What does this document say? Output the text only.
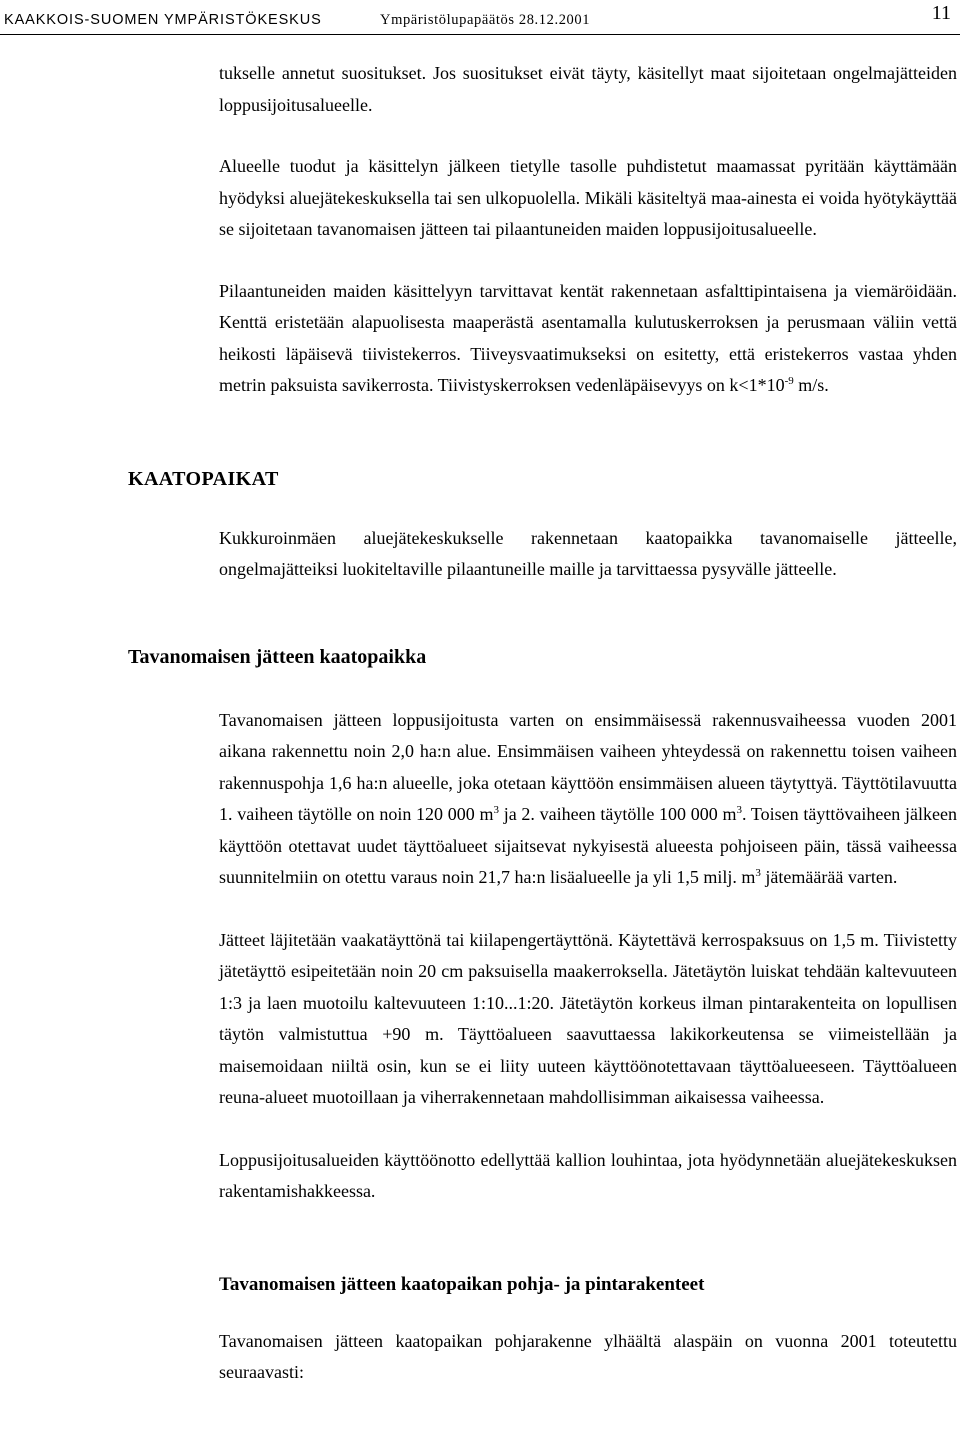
KAAKKOIS-SUOMEN YMPÄRISTÖKESKUS	Ympäristölupapäätös 28.12.2001	11

tukselle annetut suositukset. Jos suositukset eivät täyty, käsitellyt maat sijoitetaan ongelmajätteiden loppusijoitusalueelle.

Alueelle tuodut ja käsittelyn jälkeen tietylle tasolle puhdistetut maamassat pyritään käyttämään hyödyksi aluejätekeskuksella tai sen ulkopuolella. Mikäli käsiteltyä maa-ainesta ei voida hyötykäyttää se sijoitetaan tavanomaisen jätteen tai pilaantuneiden maiden loppusijoitusalueelle.

Pilaantuneiden maiden käsittelyyn tarvittavat kentät rakennetaan asfalttipintaisena ja viemäröidään. Kenttä eristetään alapuolisesta maaperästä asentamalla kulutuskerroksen ja perusmaan väliin vettä heikosti läpäisevä tiivistekerros. Tiiveysvaatimukseksi on esitetty, että eristekerros vastaa yhden metrin paksuista savikerrosta. Tiivistyskerroksen vedenläpäisevyys on $k<1*10^{-9}$ m/s.

KAATOPAIKAT

Kukkuroinmäen aluejätekeskukselle rakennetaan kaatopaikka tavanomaiselle jätteelle, ongelmajätteiksi luokiteltaville pilaantuneille maille ja tarvittaessa pysyvälle jätteelle.

Tavanomaisen jätteen kaatopaikka

Tavanomaisen jätteen loppusijoitusta varten on ensimmäisessä rakennusvaiheessa vuoden 2001 aikana rakennettu noin 2,0 ha:n alue. Ensimmäisen vaiheen yhteydessä on rakennettu toisen vaiheen rakennuspohja 1,6 ha:n alueelle, joka otetaan käyttöön ensimmäisen alueen täytyttyä. Täyttötilavuutta 1. vaiheen täytölle on noin 120 000 $m^3$ ja 2. vaiheen täytölle 100 000 $m^3$. Toisen täyttövaiheen jälkeen käyttöön otettavat uudet täyttöalueet sijaitsevat nykyisestä alueesta pohjoiseen päin, tässä vaiheessa suunnitelmiin on otettu varaus noin 21,7 ha:n lisäalueelle ja yli 1,5 milj. $m^3$ jätemäärää varten.

Jätteet läjitetään vaakatäyttönä tai kiilapengertäyttönä. Käytettävä kerrospaksuus on 1,5 m. Tiivistetty jätetäyttö esipeitetään noin 20 cm paksuisella maakerroksella. Jätetäytön luiskat tehdään kaltevuuteen 1:3 ja laen muotoilu kaltevuuteen 1:10...1:20. Jätetäytön korkeus ilman pintarakenteita on lopullisen täytön valmistuttua +90 m. Täyttöalueen saavuttaessa lakikorkeutensa se viimeistellään ja maisemoidaan niiltä osin, kun se ei liity uuteen käyttöönotettavaan täyttöalueeseen. Täyttöalueen reuna-alueet muotoillaan ja viherrakennetaan mahdollisimman aikaisessa vaiheessa.

Loppusijoitusalueiden käyttöönotto edellyttää kallion louhintaa, jota hyödynnetään aluejätekeskuksen rakentamishakkeessa.

Tavanomaisen jätteen kaatopaikan pohja- ja pintarakenteet

Tavanomaisen jätteen kaatopaikan pohjarakenne ylhäältä alaspäin on vuonna 2001 toteutettu seuraavasti:
